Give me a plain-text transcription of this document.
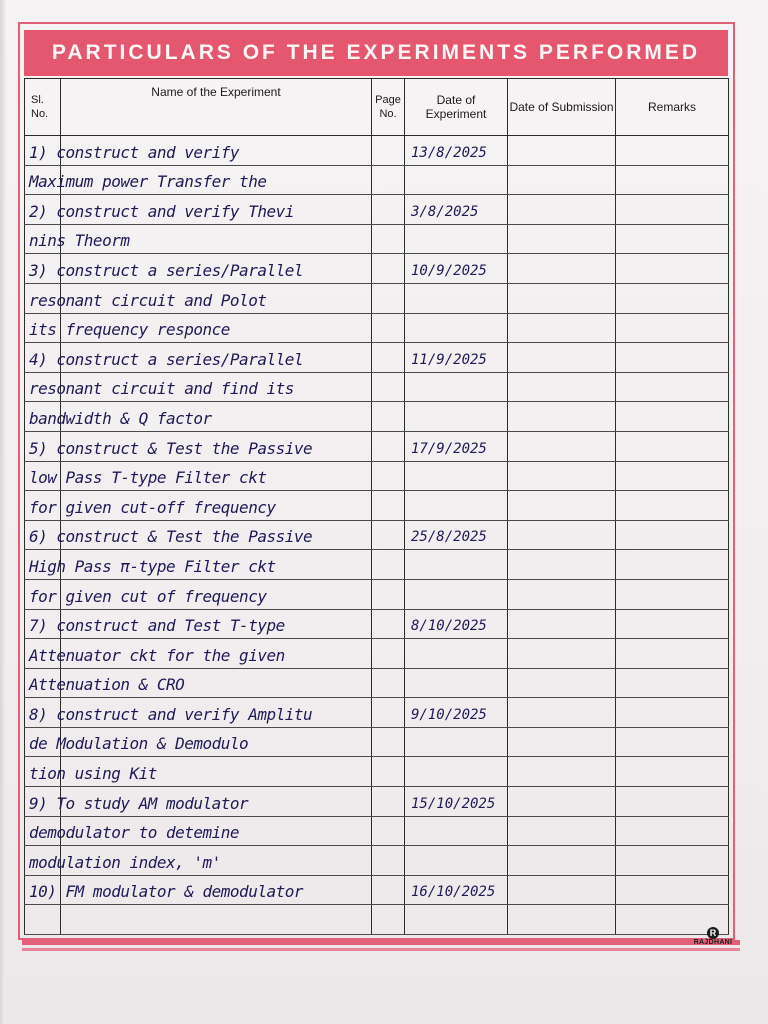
PARTICULARS OF THE EXPERIMENTS PERFORMED
Sl. No.	Name of the Experiment	Page No.	Date of Experiment	Date of Submission	Remarks

1) construct and verify			13/8/2025		

Maximum power Transfer the					

2) construct and verify Thevi			3/8/2025		

nins Theorm					

3) construct a series/Parallel			10/9/2025		

resonant circuit and Polot					

its frequency responce					

4) construct a series/Parallel			11/9/2025		

resonant circuit and find its					

bandwidth & Q factor					

5) construct & Test the Passive			17/9/2025		

low Pass T-type Filter ckt					

for given cut-off frequency					

6) construct & Test the Passive			25/8/2025		

High Pass π-type Filter ckt					

for given cut of frequency					

7) construct and Test T-type			8/10/2025		

Attenuator ckt for the given					

Attenuation & CRO					

8) construct and verify Amplitu			9/10/2025		

de Modulation & Demodulo					

tion using Kit					

9) To study AM modulator			15/10/2025		

demodulator to detemine					

modulation index, 'm'					

10) FM modulator & demodulator			16/10/2025		

R
RAJDHANI
